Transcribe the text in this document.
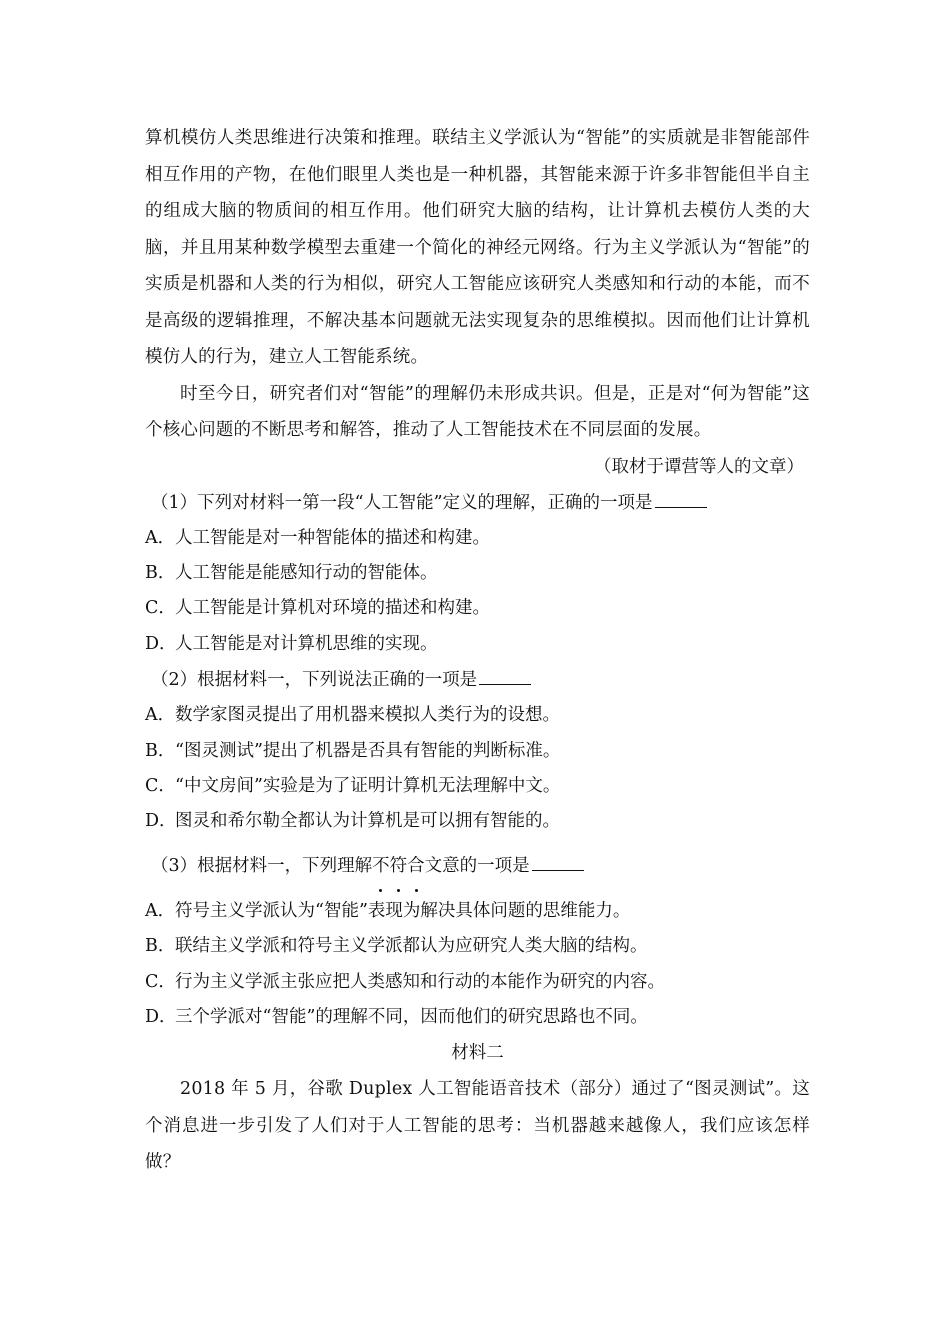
算机模仿人类思维进行决策和推理。联结主义学派认为“智能”的实质就是非智能部件相互作用的产物，在他们眼里人类也是一种机器，其智能来源于许多非智能但半自主的组成大脑的物质间的相互作用。他们研究大脑的结构，让计算机去模仿人类的大脑，并且用某种数学模型去重建一个简化的神经元网络。行为主义学派认为“智能”的实质是机器和人类的行为相似，研究人工智能应该研究人类感知和行动的本能，而不是高级的逻辑推理，不解决基本问题就无法实现复杂的思维模拟。因而他们让计算机模仿人的行为，建立人工智能系统。

时至今日，研究者们对“智能”的理解仍未形成共识。但是，正是对“何为智能”这个核心问题的不断思考和解答，推动了人工智能技术在不同层面的发展。

（取材于谭营等人的文章）

（1）下列对材料一第一段“人工智能”定义的理解，正确的一项是

A．人工智能是对一种智能体的描述和构建。

B．人工智能是能感知行动的智能体。

C．人工智能是计算机对环境的描述和构建。

D．人工智能是对计算机思维的实现。

（2）根据材料一，下列说法正确的一项是

A．数学家图灵提出了用机器来模拟人类行为的设想。

B．“图灵测试”提出了机器是否具有智能的判断标准。

C．“中文房间”实验是为了证明计算机无法理解中文。

D．图灵和希尔勒全都认为计算机是可以拥有智能的。

（3）根据材料一，下列理解不符合
文意的一项是

A．符号主义学派认为“智能”表现为解决具体问题的思维能力。

B．联结主义学派和符号主义学派都认为应研究人类大脑的结构。

C．行为主义学派主张应把人类感知和行动的本能作为研究的内容。

D．三个学派对“智能”的理解不同，因而他们的研究思路也不同。

材料二

2018 年 5 月，谷歌 Duplex 人工智能语音技术（部分）通过了“图灵测试”。这个消息进一步引发了人们对于人工智能的思考：当机器越来越像人，我们应该怎样做？
